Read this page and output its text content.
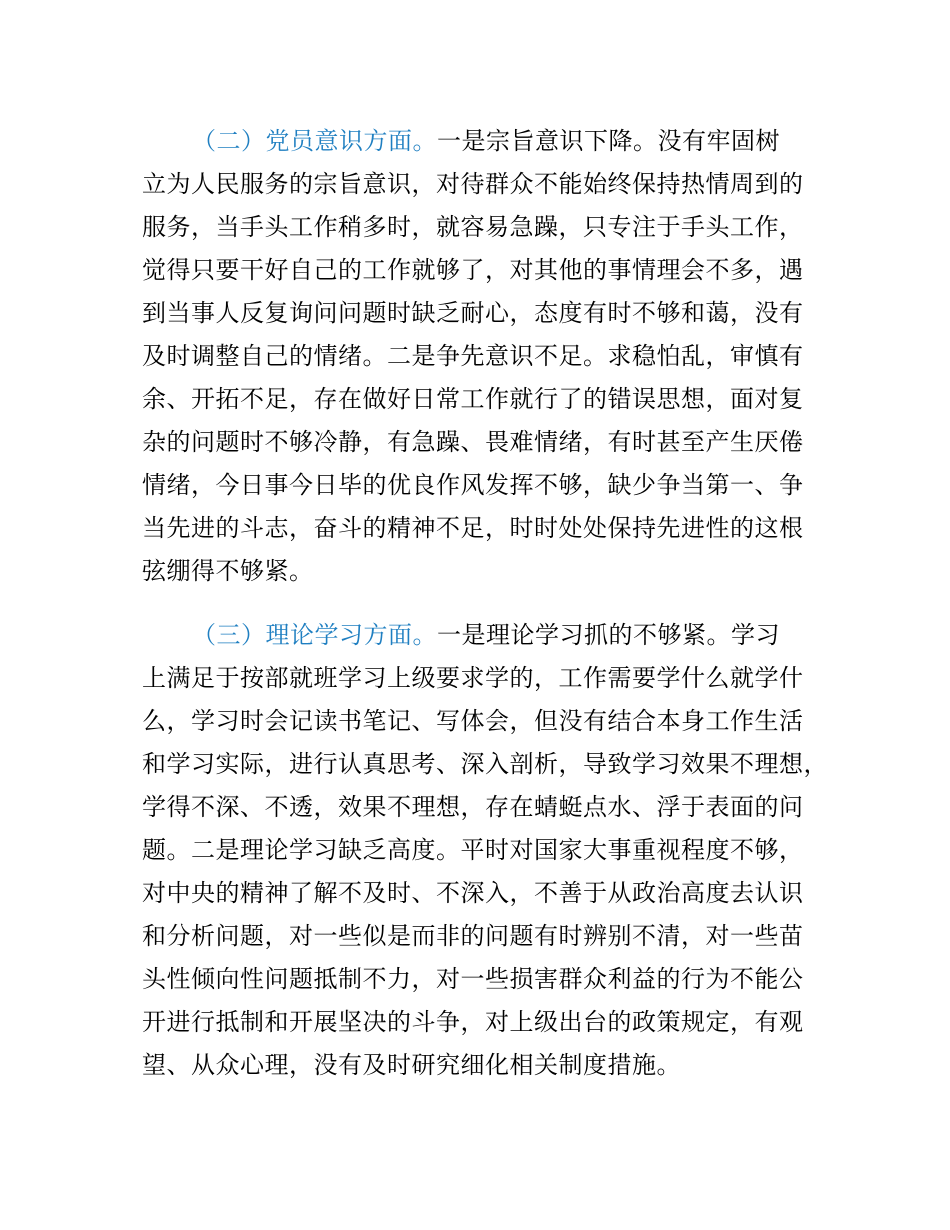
（二）党员意识方面。一是宗旨意识下降。没有牢固树
立为人民服务的宗旨意识，对待群众不能始终保持热情周到的
服务，当手头工作稍多时，就容易急躁，只专注于手头工作，
觉得只要干好自己的工作就够了，对其他的事情理会不多，遇
到当事人反复询问问题时缺乏耐心，态度有时不够和蔼，没有
及时调整自己的情绪。二是争先意识不足。求稳怕乱，审慎有
余、开拓不足，存在做好日常工作就行了的错误思想，面对复
杂的问题时不够冷静，有急躁、畏难情绪，有时甚至产生厌倦
情绪，今日事今日毕的优良作风发挥不够，缺少争当第一、争
当先进的斗志，奋斗的精神不足，时时处处保持先进性的这根
弦绷得不够紧。
（三）理论学习方面。一是理论学习抓的不够紧。学习
上满足于按部就班学习上级要求学的，工作需要学什么就学什
么，学习时会记读书笔记、写体会，但没有结合本身工作生活
和学习实际，进行认真思考、深入剖析，导致学习效果不理想，
学得不深、不透，效果不理想，存在蜻蜓点水、浮于表面的问
题。二是理论学习缺乏高度。平时对国家大事重视程度不够，
对中央的精神了解不及时、不深入，不善于从政治高度去认识
和分析问题，对一些似是而非的问题有时辨别不清，对一些苗
头性倾向性问题抵制不力，对一些损害群众利益的行为不能公
开进行抵制和开展坚决的斗争，对上级出台的政策规定，有观
望、从众心理，没有及时研究细化相关制度措施。
